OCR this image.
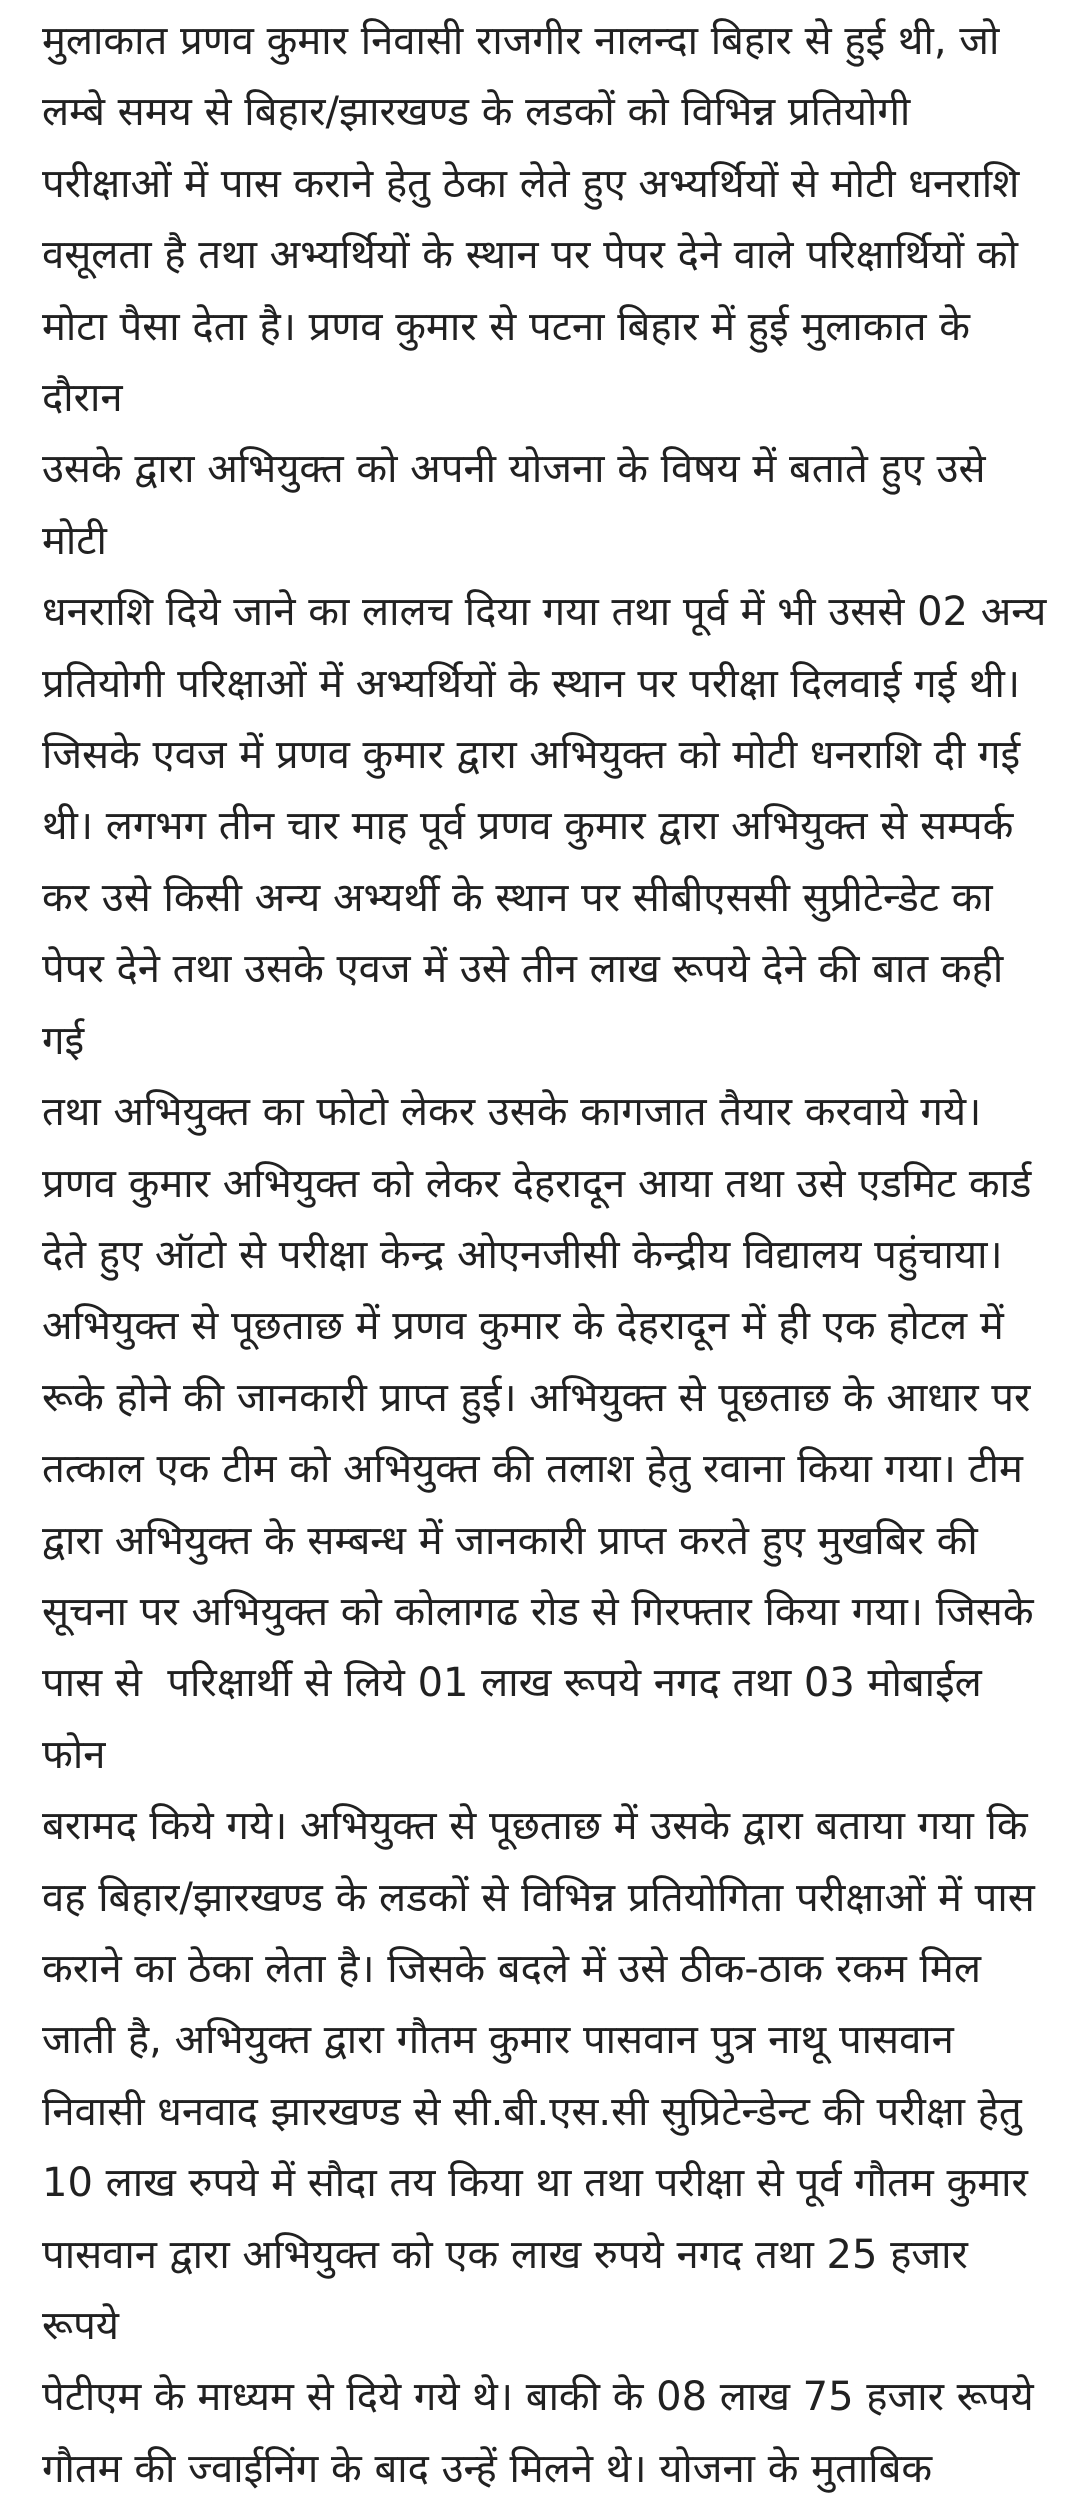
मुलाकात प्रणव कुमार निवासी राजगीर नालन्दा बिहार से हुई थी, जो
लम्बे समय से बिहार/झारखण्ड के लडकों को विभिन्न प्रतियोगी
परीक्षाओं में पास कराने हेतु ठेका लेते हुए अभ्यर्थियों से मोटी धनराशि
वसूलता है तथा अभ्यर्थियों के स्थान पर पेपर देने वाले परिक्षार्थियों को
मोटा पैसा देता है। प्रणव कुमार से पटना बिहार में हुई मुलाकात के दौरान
उसके द्वारा अभियुक्त को अपनी योजना के विषय में बताते हुए उसे मोटी
धनराशि दिये जाने का लालच दिया गया तथा पूर्व में भी उससे 02 अन्य
प्रतियोगी परिक्षाओं में अभ्यर्थियों के स्थान पर परीक्षा दिलवाई गई थी।
जिसके एवज में प्रणव कुमार द्वारा अभियुक्त को मोटी धनराशि दी गई
थी। लगभग तीन चार माह पूर्व प्रणव कुमार द्वारा अभियुक्त से सम्पर्क
कर उसे किसी अन्य अभ्यर्थी के स्थान पर सीबीएससी सुप्रीटेन्डेट का
पेपर देने तथा उसके एवज में उसे तीन लाख रूपये देने की बात कही गई
तथा अभियुक्त का फोटो लेकर उसके कागजात तैयार करवाये गये।
प्रणव कुमार अभियुक्त को लेकर देहरादून आया तथा उसे एडमिट कार्ड
देते हुए ऑटो से परीक्षा केन्द्र ओएनजीसी केन्द्रीय विद्यालय पहुंचाया।
अभियुक्त से पूछताछ में प्रणव कुमार के देहरादून में ही एक होटल में
रूके होने की जानकारी प्राप्त हुई। अभियुक्त से पूछताछ के आधार पर
तत्काल एक टीम को अभियुक्त की तलाश हेतु रवाना किया गया। टीम
द्वारा अभियुक्त के सम्बन्ध में जानकारी प्राप्त करते हुए मुखबिर की
सूचना पर अभियुक्त को कोलागढ रोड से गिरफ्तार किया गया। जिसके
पास से  परिक्षार्थी से लिये 01 लाख रूपये नगद तथा 03 मोबाईल फोन
बरामद किये गये। अभियुक्त से पूछताछ में उसके द्वारा बताया गया कि
वह बिहार/झारखण्ड के लडकों से विभिन्न प्रतियोगिता परीक्षाओं में पास
कराने का ठेका लेता है। जिसके बदले में उसे ठीक-ठाक रकम मिल
जाती है, अभियुक्त द्वारा गौतम कुमार पासवान पुत्र नाथू पासवान
निवासी धनवाद झारखण्ड से सी.बी.एस.सी सुप्रिटेन्डेन्ट की परीक्षा हेतु
10 लाख रुपये में सौदा तय किया था तथा परीक्षा से पूर्व गौतम कुमार
पासवान द्वारा अभियुक्त को एक लाख रुपये नगद तथा 25 हजार रूपये
पेटीएम के माध्यम से दिये गये थे। बाकी के 08 लाख 75 हजार रूपये
गौतम की ज्वाईनिंग के बाद उन्हें मिलने थे। योजना के मुताबिक
